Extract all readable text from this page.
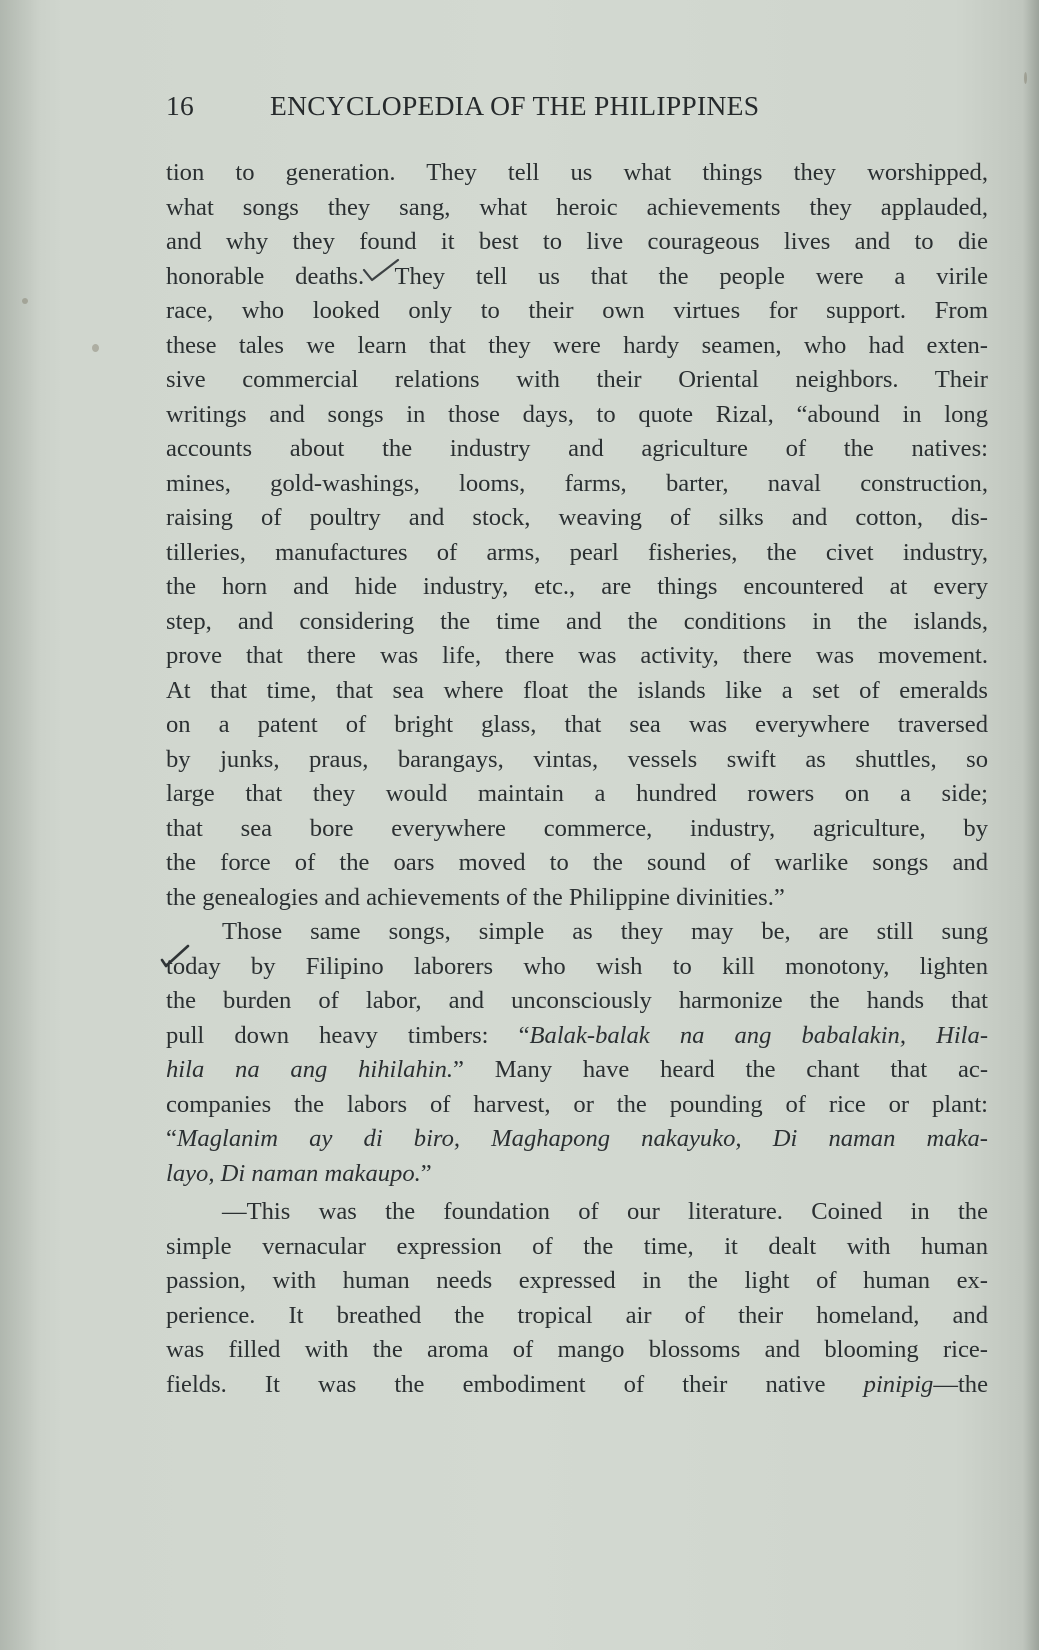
16	ENCYCLOPEDIA OF THE PHILIPPINES
tion to generation. They tell us what things they worshipped,
what songs they sang, what heroic achievements they applauded,
and why they found it best to live courageous lives and to die
honorable deaths. They tell us that the people were a virile
race, who looked only to their own virtues for support. From
these tales we learn that they were hardy seamen, who had exten-
sive commercial relations with their Oriental neighbors. Their
writings and songs in those days, to quote Rizal, “abound in long
accounts about the industry and agriculture of the natives:
mines, gold-washings, looms, farms, barter, naval construction,
raising of poultry and stock, weaving of silks and cotton, dis-
tilleries, manufactures of arms, pearl fisheries, the civet industry,
the horn and hide industry, etc., are things encountered at every
step, and considering the time and the conditions in the islands,
prove that there was life, there was activity, there was movement.
At that time, that sea where float the islands like a set of emeralds
on a patent of bright glass, that sea was everywhere traversed
by junks, praus, barangays, vintas, vessels swift as shuttles, so
large that they would maintain a hundred rowers on a side;
that sea bore everywhere commerce, industry, agriculture, by
the force of the oars moved to the sound of warlike songs and
the genealogies and achievements of the Philippine divinities.”
Those same songs, simple as they may be, are still sung
today by Filipino laborers who wish to kill monotony, lighten
the burden of labor, and unconsciously harmonize the hands that
pull down heavy timbers: “Balak-balak na ang babalakin, Hila-
hila na ang hihilahin.” Many have heard the chant that ac-
companies the labors of harvest, or the pounding of rice or plant:
“Maglanim ay di biro, Maghapong nakayuko, Di naman maka-
layo, Di naman makaupo.”
—This was the foundation of our literature. Coined in the
simple vernacular expression of the time, it dealt with human
passion, with human needs expressed in the light of human ex-
perience. It breathed the tropical air of their homeland, and
was filled with the aroma of mango blossoms and blooming rice-
fields. It was the embodiment of their native pinipig—the
